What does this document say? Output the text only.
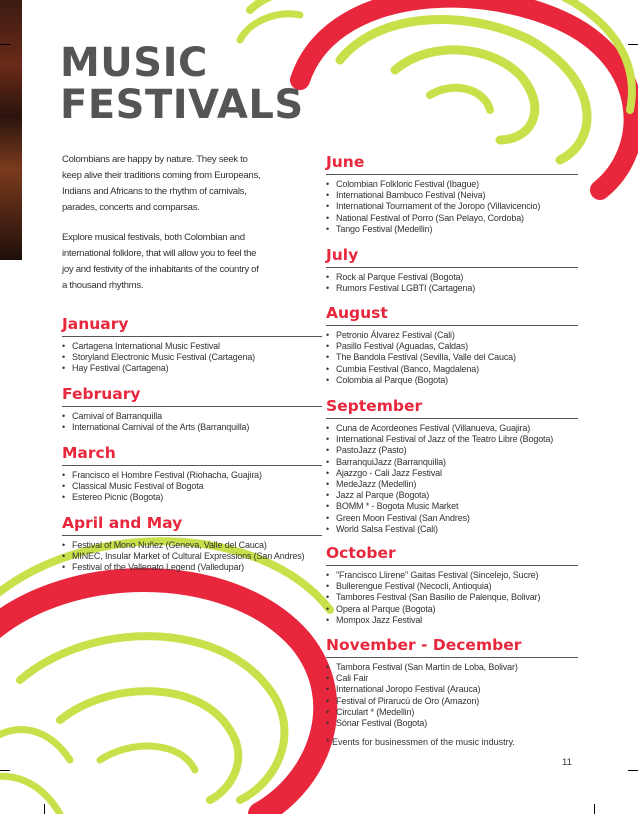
MUSIC
FESTIVALS

Colombians are happy by nature. They seek to keep alive their traditions coming from Europeans, Indians and Africans to the rhythm of carnivals, parades, concerts and comparsas.

Explore musical festivals, both Colombian and international folklore, that will allow you to feel the joy and festivity of the inhabitants of the country of a thousand rhythms.

January
• Cartagena International Music Festival
• Storyland Electronic Music Festival (Cartagena)
• Hay Festival (Cartagena)
February
• Carnival of Barranquilla
• International Carnival of the Arts (Barranquilla)
March
• Francisco el Hombre Festival (Riohacha, Guajira)
• Classical Music Festival of Bogota
• Estereo Picnic (Bogota)
April and May
• Festival of Mono Nuñez (Geneva, Valle del Cauca)
• MINEC, Insular Market of Cultural Expressions (San Andres)
• Festival of the Vallenato Legend (Valledupar)
June
• Colombian Folkloric Festival (Ibague)
• International Bambuco Festival (Neiva)
• International Tournament of the Joropo (Villavicencio)
• National Festival of Porro (San Pelayo, Cordoba)
• Tango Festival (Medellin)
July
• Rock al Parque Festival (Bogota)
• Rumors Festival LGBTI (Cartagena)
August
• Petronio Álvarez Festival (Cali)
• Pasillo Festival (Aguadas, Caldas)
• The Bandola Festival (Sevilla, Valle del Cauca)
• Cumbia Festival (Banco, Magdalena)
• Colombia al Parque (Bogota)
September
• Cuna de Acordeones Festival (Villanueva, Guajira)
• International Festival of Jazz of the Teatro Libre (Bogota)
• PastoJazz (Pasto)
• BarranquiJazz (Barranquilla)
• Ajazzgo - Cali Jazz Festival
• MedeJazz (Medellin)
• Jazz al Parque (Bogota)
• BOMM * - Bogota Music Market
• Green Moon Festival (San Andres)
• World Salsa Festival (Cali)
October
• "Francisco Llirene" Gaitas Festival (Sincelejo, Sucre)
• Bullerengue Festival (Necocli, Antioquia)
• Tambores Festival (San Basilio de Palenque, Bolivar)
• Opera al Parque (Bogota)
• Mompox Jazz Festival
November - December
• Tambora Festival (San Martín de Loba, Bolivar)
• Cali Fair
• International Joropo Festival (Arauca)
• Festival of Pirarucú de Oro (Amazon)
• Circulart * (Medellin)
• Sónar Festival (Bogota)
* Events for businessmen of the music industry.
11
